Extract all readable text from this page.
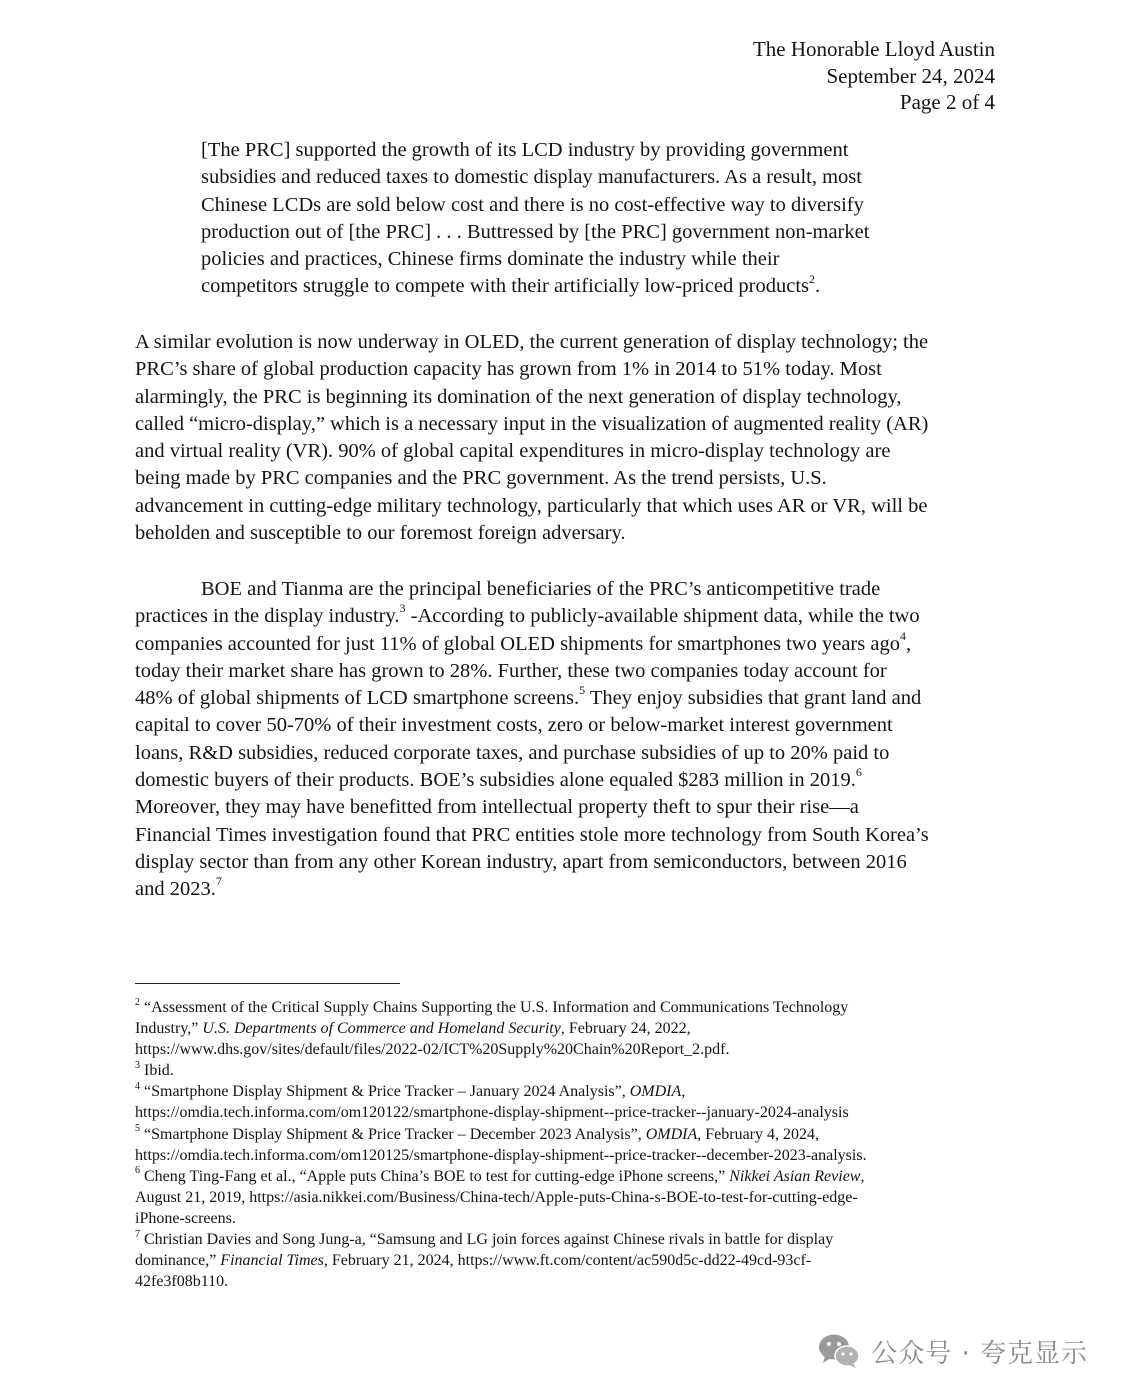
The Honorable Lloyd Austin
September 24, 2024
Page 2 of 4
[The PRC] supported the growth of its LCD industry by providing government
subsidies and reduced taxes to domestic display manufacturers. As a result, most
Chinese LCDs are sold below cost and there is no cost-effective way to diversify
production out of [the PRC] . . . Buttressed by [the PRC] government non-market
policies and practices, Chinese firms dominate the industry while their
competitors struggle to compete with their artificially low-priced products$^2$.
A similar evolution is now underway in OLED, the current generation of display technology; the
PRC’s share of global production capacity has grown from 1% in 2014 to 51% today. Most
alarmingly, the PRC is beginning its domination of the next generation of display technology,
called “micro-display,” which is a necessary input in the visualization of augmented reality (AR)
and virtual reality (VR). 90% of global capital expenditures in micro-display technology are
being made by PRC companies and the PRC government. As the trend persists, U.S.
advancement in cutting-edge military technology, particularly that which uses AR or VR, will be
beholden and susceptible to our foremost foreign adversary.
BOE and Tianma are the principal beneficiaries of the PRC’s anticompetitive trade
practices in the display industry.$^3$ -According to publicly-available shipment data, while the two
companies accounted for just 11% of global OLED shipments for smartphones two years ago$^4$,
today their market share has grown to 28%. Further, these two companies today account for
48% of global shipments of LCD smartphone screens.$^5$ They enjoy subsidies that grant land and
capital to cover 50-70% of their investment costs, zero or below-market interest government
loans, R&D subsidies, reduced corporate taxes, and purchase subsidies of up to 20% paid to
domestic buyers of their products. BOE’s subsidies alone equaled $283 million in 2019.$^6$
Moreover, they may have benefitted from intellectual property theft to spur their rise—a
Financial Times investigation found that PRC entities stole more technology from South Korea’s
display sector than from any other Korean industry, apart from semiconductors, between 2016
and 2023.$^7$
$^2$ “Assessment of the Critical Supply Chains Supporting the U.S. Information and Communications Technology
Industry,” U.S. Departments of Commerce and Homeland Security, February 24, 2022,
https://www.dhs.gov/sites/default/files/2022-02/ICT%20Supply%20Chain%20Report_2.pdf.
$^3$ Ibid.
$^4$ “Smartphone Display Shipment & Price Tracker – January 2024 Analysis”, OMDIA,
https://omdia.tech.informa.com/om120122/smartphone-display-shipment--price-tracker--january-2024-analysis
$^5$ “Smartphone Display Shipment & Price Tracker – December 2023 Analysis”, OMDIA, February 4, 2024,
https://omdia.tech.informa.com/om120125/smartphone-display-shipment--price-tracker--december-2023-analysis.
$^6$ Cheng Ting-Fang et al., “Apple puts China’s BOE to test for cutting-edge iPhone screens,” Nikkei Asian Review,
August 21, 2019, https://asia.nikkei.com/Business/China-tech/Apple-puts-China-s-BOE-to-test-for-cutting-edge-
iPhone-screens.
$^7$ Christian Davies and Song Jung-a, “Samsung and LG join forces against Chinese rivals in battle for display
dominance,” Financial Times, February 21, 2024, https://www.ft.com/content/ac590d5c-dd22-49cd-93cf-
42fe3f08b110.
公众号 · 夸克显示
